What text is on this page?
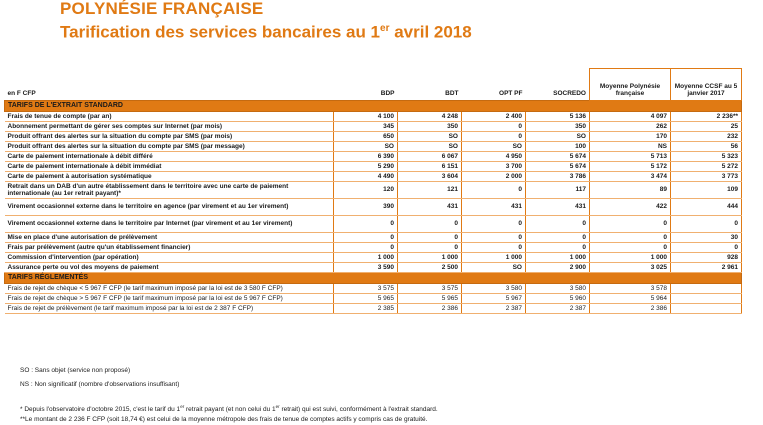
POLYNÉSIE FRANÇAISE
Tarification des services bancaires au 1er avril 2018
en F CFP	BDP	BDT	OPT PF	SOCREDO	Moyenne Polynésie française	Moyenne CCSF au 5 janvier 2017
TARIFS DE L'EXTRAIT STANDARD						
Frais de tenue de compte (par an)	4 100	4 248	2 400	5 136	4 097	2 236**
Abonnement permettant de gérer ses comptes sur Internet (par mois)	345	350	0	350	262	25
Produit offrant des alertes sur la situation du compte par SMS (par mois)	650	SO	0	SO	170	232
Produit offrant des alertes sur la situation du compte par SMS (par message)	SO	SO	SO	100	NS	56
Carte de paiement internationale à débit différé	6 390	6 067	4 950	5 674	5 713	5 323
Carte de paiement internationale à débit immédiat	5 290	6 151	3 700	5 674	5 172	5 272
Carte de paiement à autorisation systématique	4 490	3 604	2 000	3 786	3 474	3 773
Retrait dans un DAB d'un autre établissement dans le territoire avec une carte de paiement internationale (au 1er retrait payant)*	120	121	0	117	89	109
Virement occasionnel externe dans le territoire en agence (par virement et au 1er virement)	390	431	431	431	422	444
Virement occasionnel externe dans le territoire par Internet (par virement et au 1er virement)	0	0	0	0	0	0
Mise en place d'une autorisation de prélèvement	0	0	0	0	0	30
Frais par prélèvement (autre qu'un établissement financier)	0	0	0	0	0	0
Commission d'intervention (par opération)	1 000	1 000	1 000	1 000	1 000	928
Assurance perte ou vol des moyens de paiement	3 590	2 500	SO	2 900	3 025	2 961
TARIFS RÉGLEMENTÉS						
Frais de rejet de chèque < 5 967 F CFP (le tarif maximum imposé par la loi est de 3 580 F CFP)	3 575	3 575	3 580	3 580	3 578	
Frais de rejet de chèque > 5 967 F CFP (le tarif maximum imposé par la loi est de 5 967 F CFP)	5 965	5 965	5 967	5 960	5 964	
Frais de rejet de prélèvement (le tarif maximum imposé par la loi est de 2 387 F CFP)	2 385	2 386	2 387	2 387	2 386	
SO : Sans objet (service non proposé)
NS : Non significatif (nombre d'observations insuffisant)
* Depuis l'observatoire d'octobre 2015, c'est le tarif du 1er retrait payant (et non celui du 1er retrait) qui est suivi, conformément à l'extrait standard.
**Le montant de 2 236 F CFP (soit 18,74 €) est celui de la moyenne métropole des frais de tenue de comptes actifs y compris cas de gratuité.
